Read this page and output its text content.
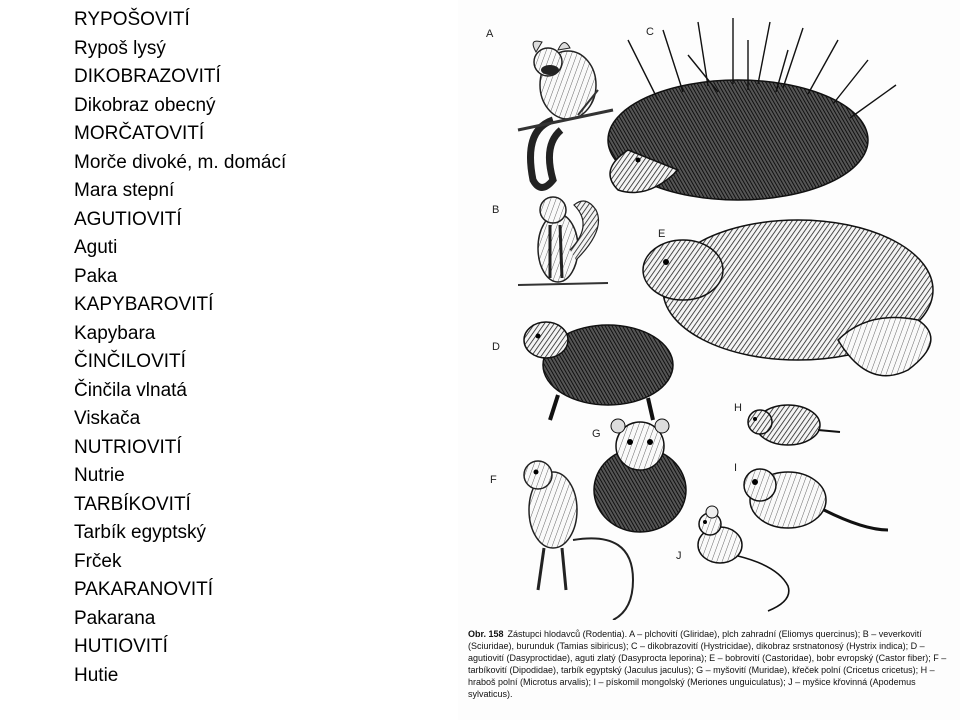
RYPOŠOVITÍ
Rypoš lysý
DIKOBRAZOVITÍ
Dikobraz obecný
MORČATOVITÍ
Morče divoké, m. domácí
Mara stepní
AGUTIOVITÍ
Aguti
Paka
KAPYBAROVITÍ
Kapybara
ČINČILOVITÍ
Činčila vlnatá
Viskača
NUTRIOVITÍ
Nutrie
TARBÍKOVITÍ
Tarbík egyptský
Frček
PAKARANOVITÍ
Pakarana
HUTIOVITÍ
Hutie
A
B
C
D
E
F
G
H
I
J
Obr. 158 Zástupci hlodavců (Rodentia). A – plchovití (Gliridae), plch zahradní (Eliomys quercinus); B – veverkovití (Sciuridae), burunduk (Tamias sibiricus); C – dikobrazovití (Hystricidae), dikobraz srstnatonosý (Hystrix indica); D – agutiovití (Dasyproctidae), aguti zlatý (Dasyprocta leporina); E – bobrovití (Castoridae), bobr evropský (Castor fiber); F – tarbíkovití (Dipodidae), tarbík egyptský (Jaculus jaculus); G – myšovití (Muridae), křeček polní (Cricetus cricetus); H – hraboš polní (Microtus arvalis); I – pískomil mongolský (Meriones unguiculatus); J – myšice křovinná (Apodemus sylvaticus).
